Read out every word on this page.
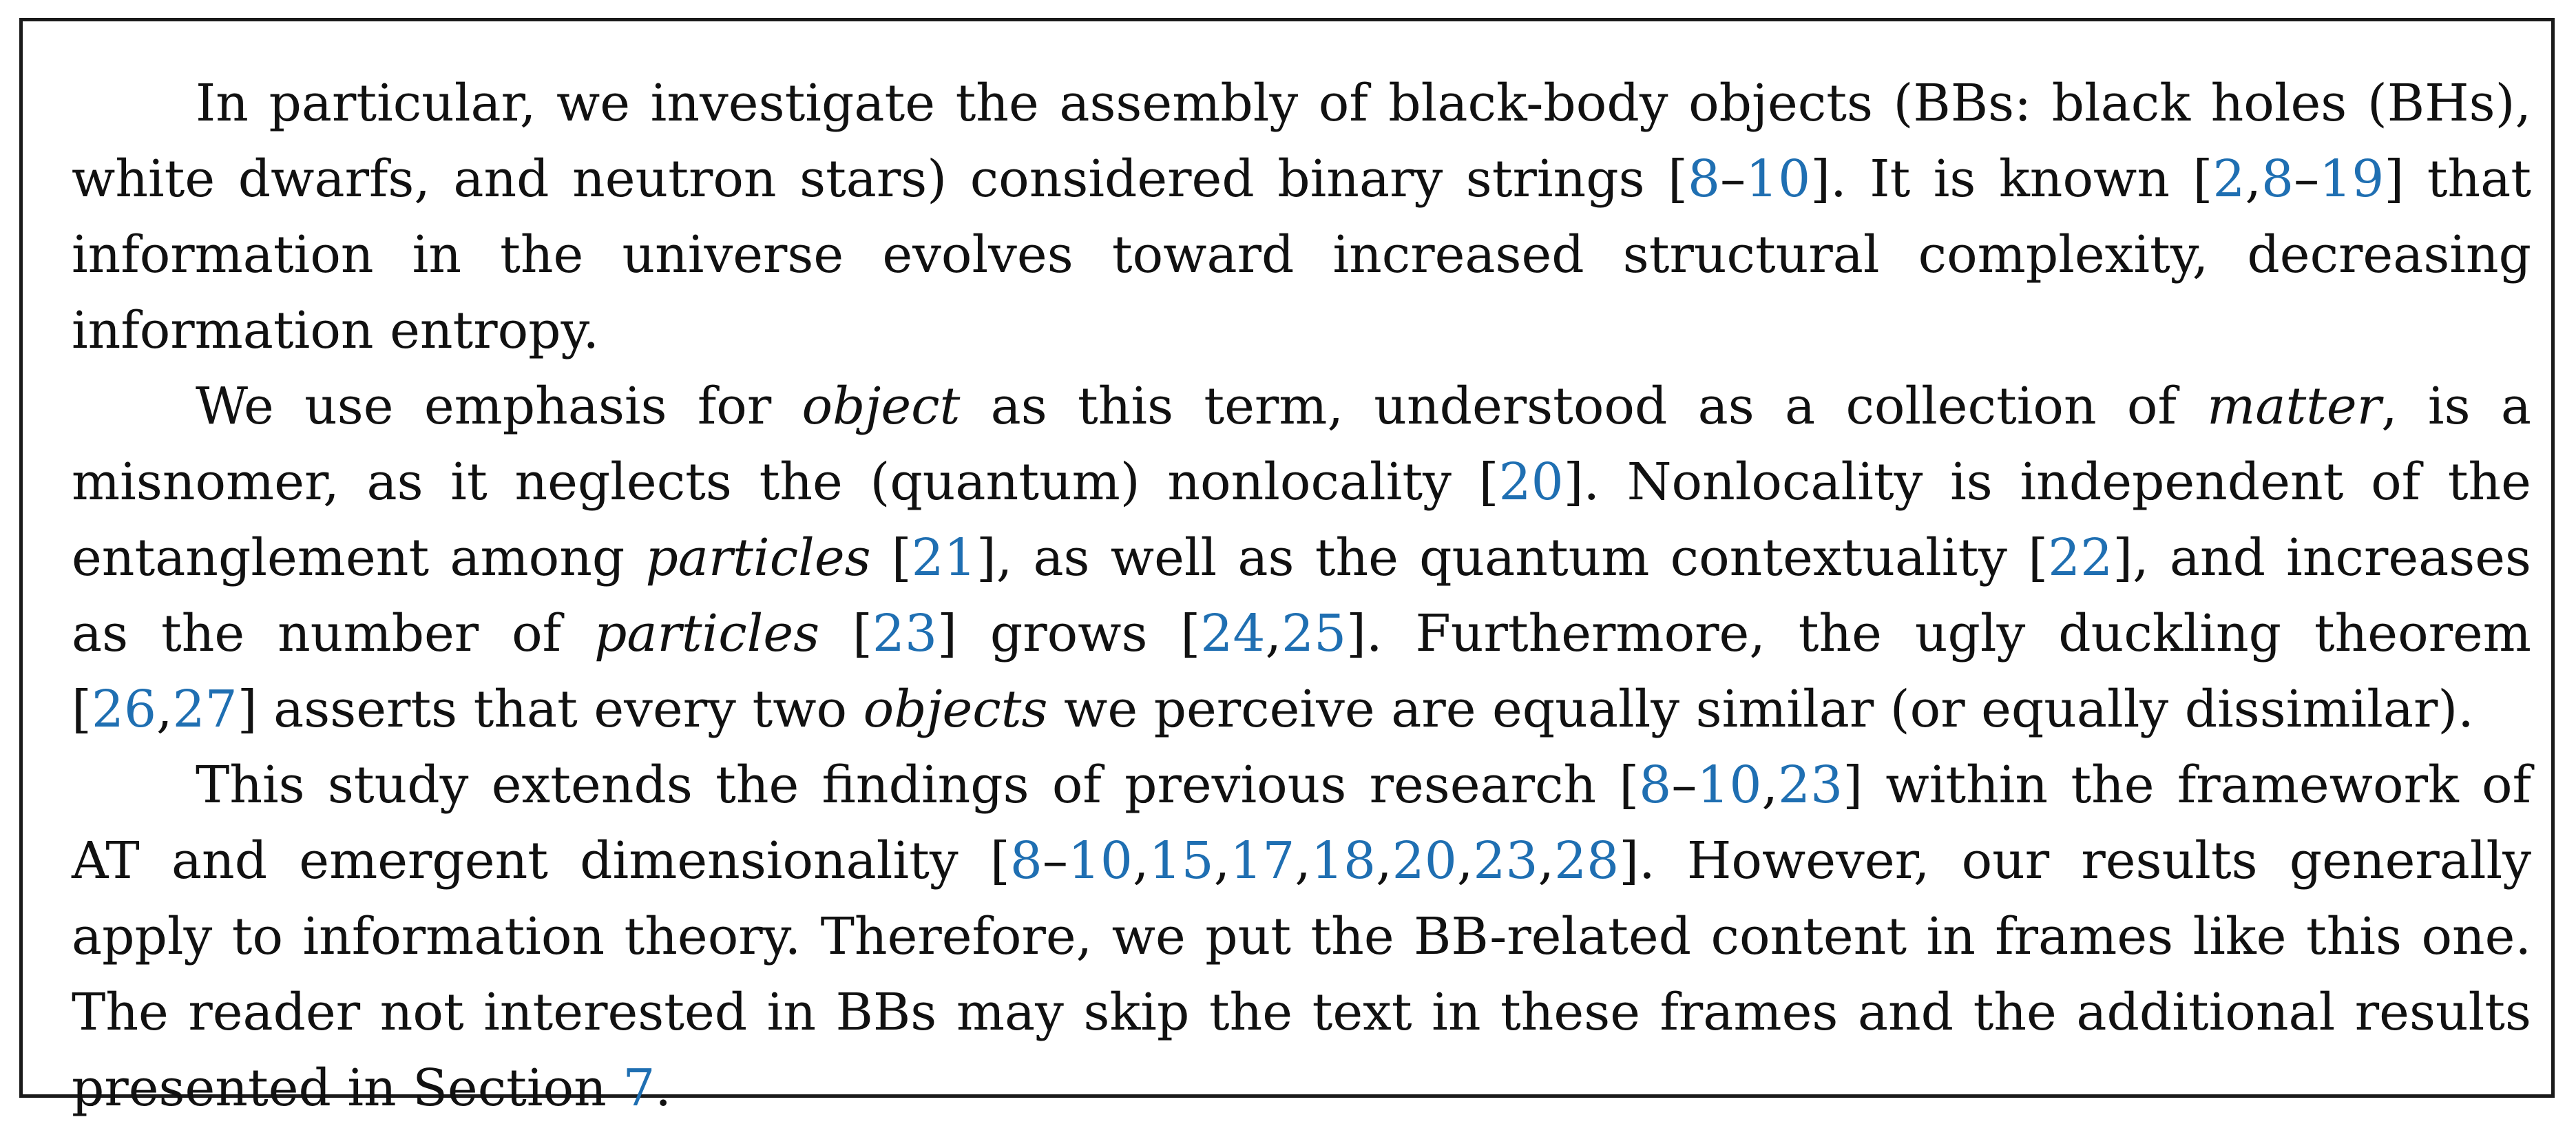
In particular, we investigate the assembly of black-body objects (BBs: black holes (BHs), white dwarfs, and neutron stars) considered binary strings [8–10]. It is known [2,8–19] that information in the universe evolves toward increased structural complexity, decreasing information entropy.

We use emphasis for object as this term, understood as a collection of matter, is a misnomer, as it neglects the (quantum) nonlocality [20]. Nonlocality is independent of the entanglement among particles [21], as well as the quantum contextuality [22], and increases as the number of particles [23] grows [24,25]. Furthermore, the ugly duckling theorem [26,27] asserts that every two objects we perceive are equally similar (or equally dissimilar).

This study extends the findings of previous research [8–10,23] within the framework of AT and emergent dimensionality [8–10,15,17,18,20,23,28]. However, our results generally apply to information theory. Therefore, we put the BB-related content in frames like this one. The reader not interested in BBs may skip the text in these frames and the additional results presented in Section 7.
